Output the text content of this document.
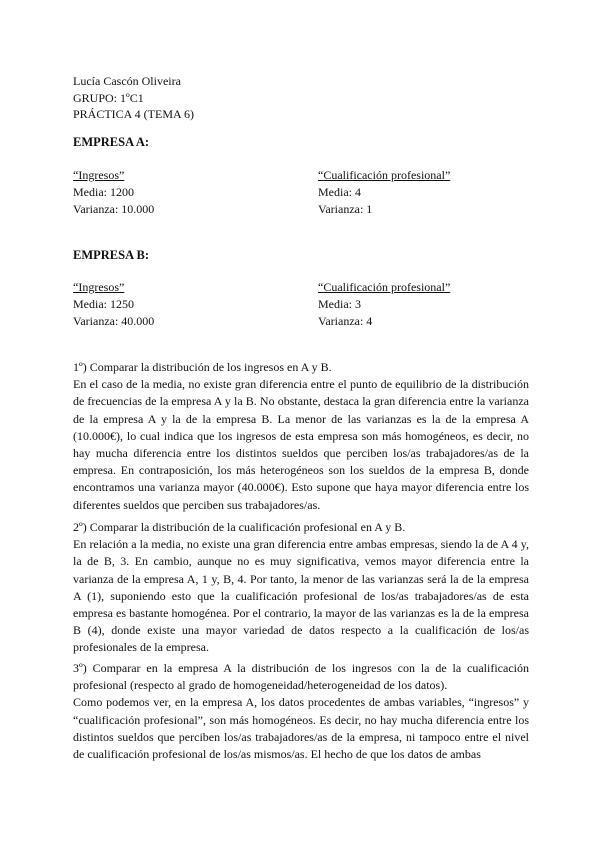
Lucía Cascón Oliveira
GRUPO: 1ºC1
PRÁCTICA 4 (TEMA 6)
EMPRESA A:
“Ingresos”
Media: 1200
Varianza: 10.000
“Cualificación profesional”
Media: 4
Varianza: 1
EMPRESA B:
“Ingresos”
Media: 1250
Varianza: 40.000
“Cualificación profesional”
Media: 3
Varianza: 4

1º) Comparar la distribución de los ingresos en A y B.

En el caso de la media, no existe gran diferencia entre el punto de equilibrio de la distribución de frecuencias de la empresa A y la B. No obstante, destaca la gran diferencia entre la varianza de la empresa A y la de la empresa B. La menor de las varianzas es la de la empresa A (10.000€), lo cual indica que los ingresos de esta empresa son más homogéneos, es decir, no hay mucha diferencia entre los distintos sueldos que perciben los/as trabajadores/as de la empresa. En contraposición, los más heterogéneos son los sueldos de la empresa B, donde encontramos una varianza mayor (40.000€). Esto supone que haya mayor diferencia entre los diferentes sueldos que perciben sus trabajadores/as.

2º) Comparar la distribución de la cualificación profesional en A y B.

En relación a la media, no existe una gran diferencia entre ambas empresas, siendo la de A 4 y, la de B, 3. En cambio, aunque no es muy significativa, vemos mayor diferencia entre la varianza de la empresa A, 1 y, B, 4. Por tanto, la menor de las varianzas será la de la empresa A (1), suponiendo esto que la cualificación profesional de los/as trabajadores/as de esta empresa es bastante homogénea. Por el contrario, la mayor de las varianzas es la de la empresa B (4), donde existe una mayor variedad de datos respecto a la cualificación de los/as profesionales de la empresa.

3º) Comparar en la empresa A la distribución de los ingresos con la de la cualificación profesional (respecto al grado de homogeneidad/heterogeneidad de los datos).

Como podemos ver, en la empresa A, los datos procedentes de ambas variables, “ingresos” y “cualificación profesional”, son más homogéneos. Es decir, no hay mucha diferencia entre los distintos sueldos que perciben los/as trabajadores/as de la empresa, ni tampoco entre el nivel de cualificación profesional de los/as mismos/as. El hecho de que los datos de ambas
